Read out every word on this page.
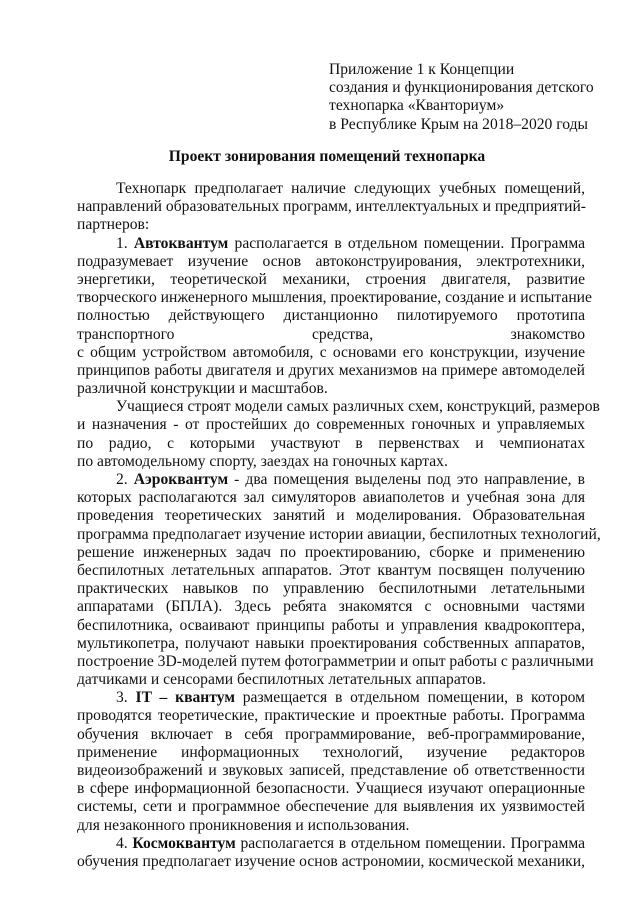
Приложение 1 к Концепции
создания и функционирования детского
технопарка «Кванториум»
в Республике Крым на 2018–2020 годы
Проект зонирования помещений технопарка
Технопарк предполагает наличие следующих учебных помещений,
направлений образовательных программ, интеллектуальных и предприятий-
партнеров:
1. Автоквантум располагается в отдельном помещении. Программа
подразумевает изучение основ автоконструирования, электротехники,
энергетики, теоретической механики, строения двигателя, развитие
творческого инженерного мышления, проектирование, создание и испытание
полностью действующего дистанционно пилотируемого прототипа
транспортного средства, знакомство
с общим устройством автомобиля, с основами его конструкции, изучение
принципов работы двигателя и других механизмов на примере автомоделей
различной конструкции и масштабов.
Учащиеся строят модели самых различных схем, конструкций, размеров
и назначения - от простейших до современных гоночных и управляемых
по радио, с которыми участвуют в первенствах и чемпионатах
по автомодельному спорту, заездах на гоночных картах.
2. Аэроквантум - два помещения выделены под это направление, в
которых располагаются зал симуляторов авиаполетов и учебная зона для
проведения теоретических занятий и моделирования. Образовательная
программа предполагает изучение истории авиации, беспилотных технологий,
решение инженерных задач по проектированию, сборке и применению
беспилотных летательных аппаратов. Этот квантум посвящен получению
практических навыков по управлению беспилотными летательными
аппаратами (БПЛА). Здесь ребята знакомятся с основными частями
беспилотника, осваивают принципы работы и управления квадрокоптера,
мультикопетра, получают навыки проектирования собственных аппаратов,
построение 3D-моделей путем фотограмметрии и опыт работы с различными
датчиками и сенсорами беспилотных летательных аппаратов.
3. IT – квантум размещается в отдельном помещении, в котором
проводятся теоретические, практические и проектные работы. Программа
обучения включает в себя программирование, веб-программирование,
применение информационных технологий, изучение редакторов
видеоизображений и звуковых записей, представление об ответственности
в сфере информационной безопасности. Учащиеся изучают операционные
системы, сети и программное обеспечение для выявления их уязвимостей
для незаконного проникновения и использования.
4. Космоквантум располагается в отдельном помещении. Программа
обучения предполагает изучение основ астрономии, космической механики,
